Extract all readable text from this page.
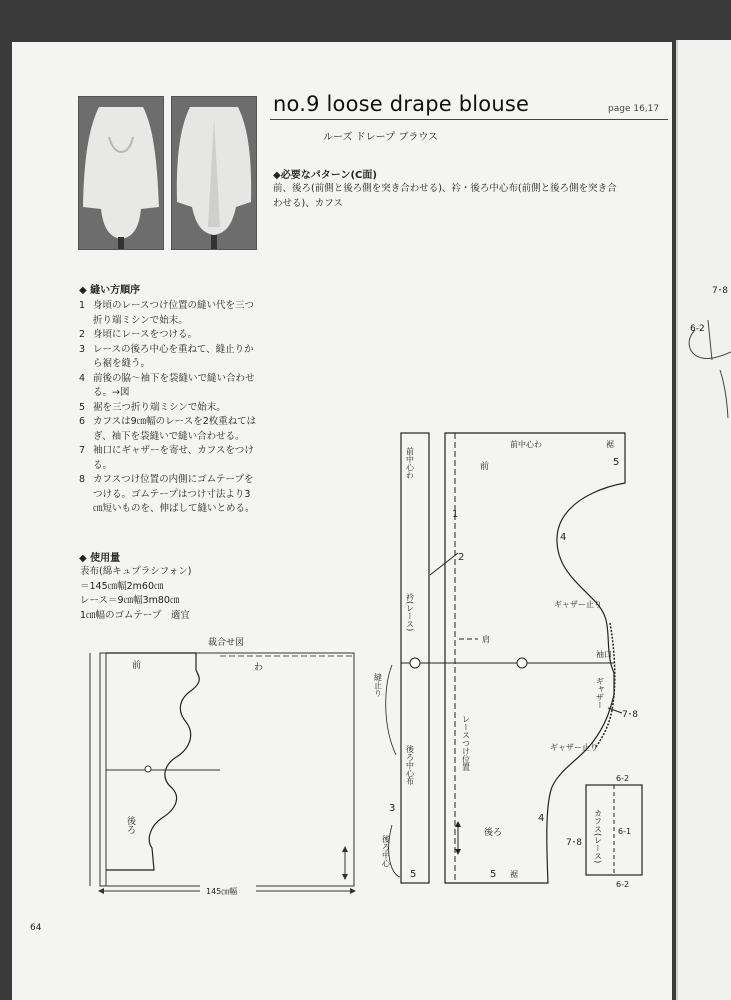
7･8
6-2
no.9 loose drape blouse	page 16,17
ルーズ ドレープ ブラウス
◆必要なパターン(C面)
前、後ろ(前側と後ろ側を突き合わせる)、衿・後ろ中心布(前側と後ろ側を突き合わせる)、カフス
◆ 縫い方順序
1 身頃のレースつけ位置の縫い代を三つ折り端ミシンで始末。
2 身頃にレースをつける。
3 レースの後ろ中心を重ねて、縫止りから裾を縫う。
4 前後の脇〜袖下を袋縫いで縫い合わせる。→図
5 裾を三つ折り端ミシンで始末。
6 カフスは9㎝幅のレースを2枚重ねてはぎ、袖下を袋縫いで縫い合わせる。
7 袖口にギャザーを寄せ、カフスをつける。
8 カフスつけ位置の内側にゴムテープをつける。ゴムテープはつけ寸法より3㎝短いものを、伸ばして縫いとめる。
◆ 使用量
表布(綿キュプラシフォン)
＝145㎝幅2m60㎝
レース＝9㎝幅3m80㎝
1㎝幅のゴムテープ　適宜
裁合せ図
前	わ
後ろ
145㎝幅
前中心わ
衿(レース)
後ろ中心布
縫止り
後ろ中心
3
5
前中心わ
前
裾
5
1
2
4
ギャザー止り
肩
袖口
ギャザー
レースつけ位置	7･8
ギャザー止り
4
後ろ
5 裾
カフス(レース)
6-2
6-1
6-2
7･8
64
